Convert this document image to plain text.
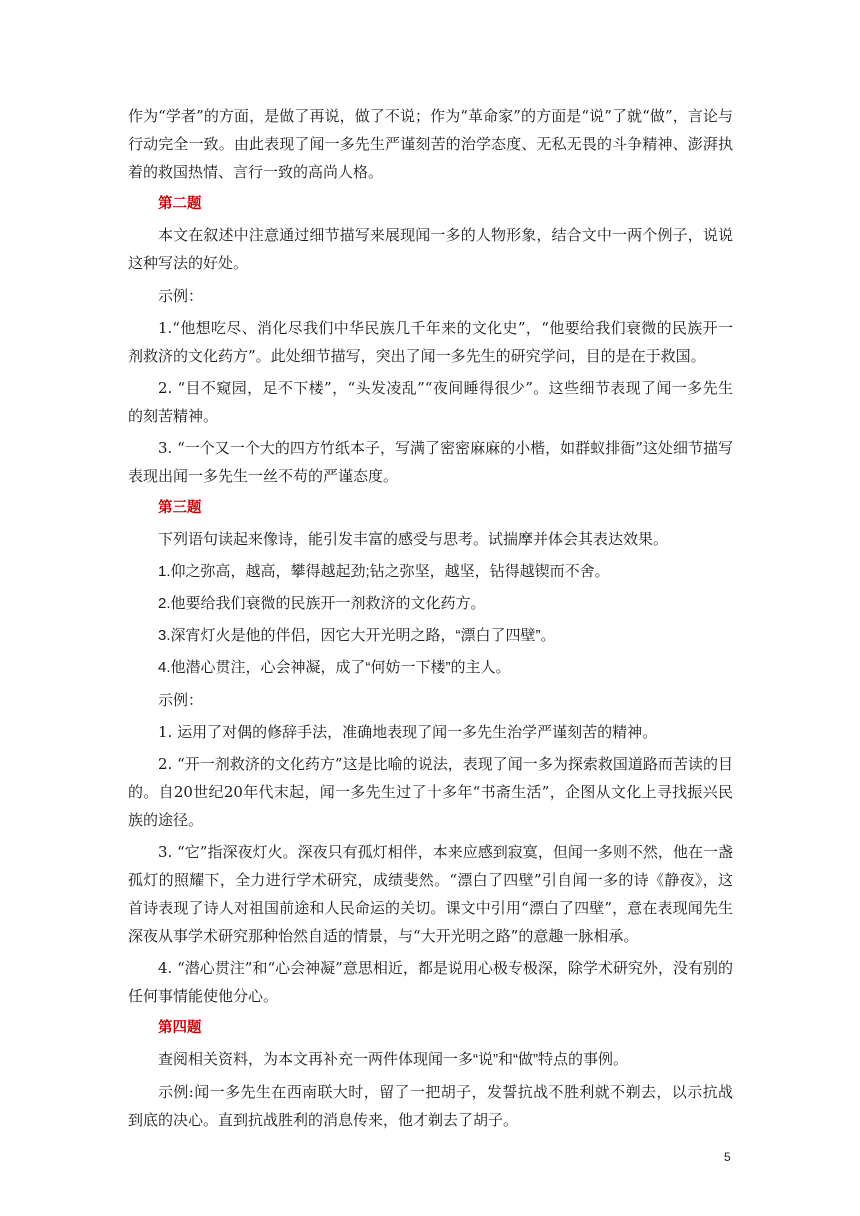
作为“学者”的方面，是做了再说，做了不说；作为“革命家”的方面是“说”了就“做”，言论与行动完全一致。由此表现了闻一多先生严谨刻苦的治学态度、无私无畏的斗争精神、澎湃执着的救国热情、言行一致的高尚人格。

第二题

本文在叙述中注意通过细节描写来展现闻一多的人物形象，结合文中一两个例子，说说这种写法的好处。

示例：

1.“他想吃尽、消化尽我们中华民族几千年来的文化史”，“他要给我们衰微的民族开一剂救济的文化药方”。此处细节描写，突出了闻一多先生的研究学问，目的是在于救国。

2. “目不窥园，足不下楼”，“头发凌乱”“夜间睡得很少”。这些细节表现了闻一多先生的刻苦精神。

3. “一个又一个大的四方竹纸本子，写满了密密麻麻的小楷，如群蚁排衙”这处细节描写表现出闻一多先生一丝不苟的严谨态度。

第三题

下列语句读起来像诗，能引发丰富的感受与思考。试揣摩并体会其表达效果。

1.仰之弥高，越高，攀得越起劲;钻之弥坚，越坚，钻得越锲而不舍。

2.他要给我们衰微的民族开一剂救济的文化药方。

3.深宵灯火是他的伴侣，因它大开光明之路，“漂白了四壁”。

4.他潜心贯注，心会神凝，成了“何妨一下楼”的主人。

示例：

1. 运用了对偶的修辞手法，准确地表现了闻一多先生治学严谨刻苦的精神。

2. “开一剂救济的文化药方”这是比喻的说法，表现了闻一多为探索救国道路而苦读的目的。自20世纪20年代末起，闻一多先生过了十多年“书斋生活”，企图从文化上寻找振兴民族的途径。

3. “它”指深夜灯火。深夜只有孤灯相伴，本来应感到寂寞，但闻一多则不然，他在一盏孤灯的照耀下，全力进行学术研究，成绩斐然。“漂白了四壁”引自闻一多的诗《静夜》，这首诗表现了诗人对祖国前途和人民命运的关切。课文中引用“漂白了四壁”，意在表现闻先生深夜从事学术研究那种怡然自适的情景，与“大开光明之路”的意趣一脉相承。

4. “潜心贯注”和“心会神凝”意思相近，都是说用心极专极深，除学术研究外，没有别的任何事情能使他分心。

第四题

查阅相关资料，为本文再补充一两件体现闻一多“说”和“做”特点的事例。

示例:闻一多先生在西南联大时，留了一把胡子，发誓抗战不胜利就不剃去，以示抗战到底的决心。直到抗战胜利的消息传来，他才剃去了胡子。

5
